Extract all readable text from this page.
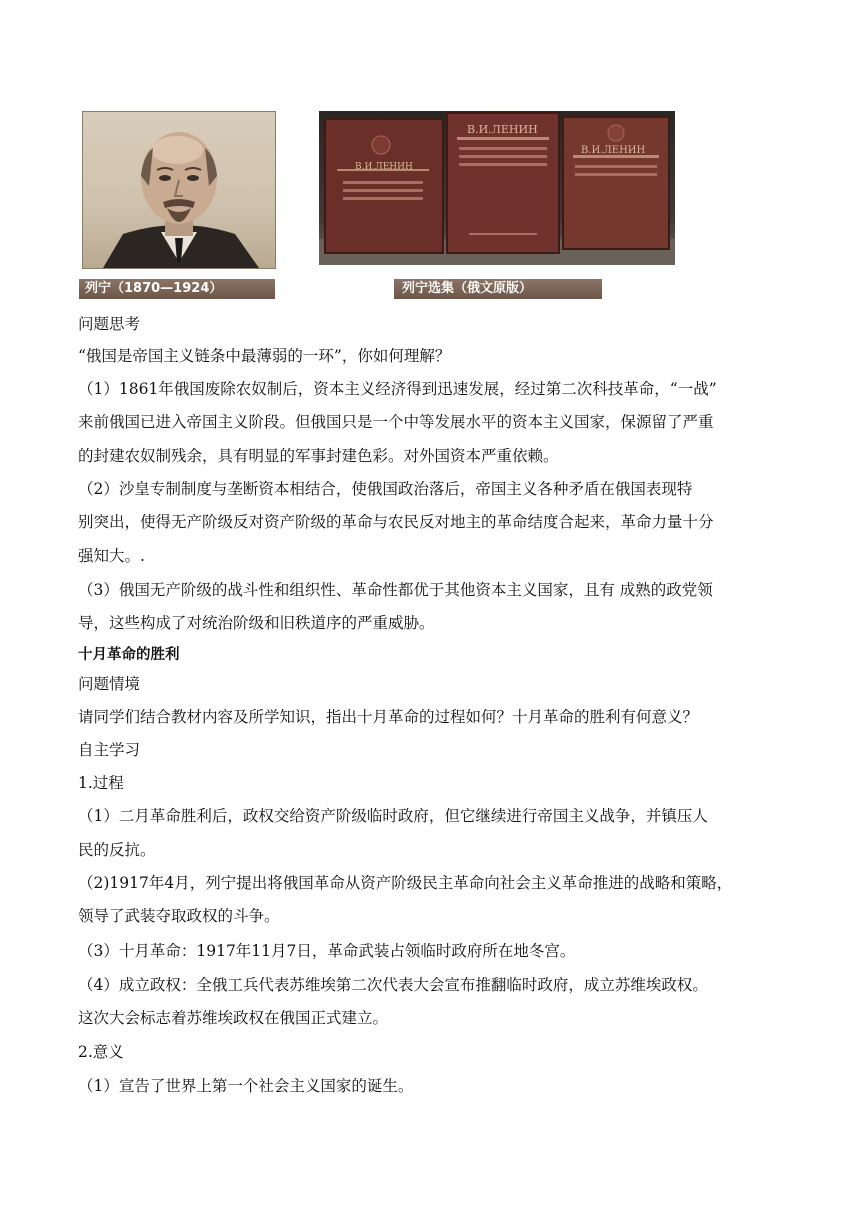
В.И.ЛЕНИН
В.И.ЛЕНИН
В.И.ЛЕНИН
列宁（1870—1924）	列宁选集（俄文原版）
问题思考
“俄国是帝国主义链条中最薄弱的一环”，你如何理解？
（1）1861年俄国废除农奴制后，资本主义经济得到迅速发展，经过第二次科技革命，“一战”
来前俄国已进入帝国主义阶段。但俄国只是一个中等发展水平的资本主义国家，保源留了严重
的封建农奴制残余，具有明显的军事封建色彩。对外国资本严重依赖。
（2）沙皇专制制度与垄断资本相结合，使俄国政治落后，帝国主义各种矛盾在俄国表现特
别突出，使得无产阶级反对资产阶级的革命与农民反对地主的革命结度合起来，革命力量十分
强知大。.
（3）俄国无产阶级的战斗性和组织性、革命性都优于其他资本主义国家，且有 成熟的政党领
导，这些构成了对统治阶级和旧秩道序的严重威胁。
十月革命的胜利
问题情境
请同学们结合教材内容及所学知识，指出十月革命的过程如何？十月革命的胜利有何意义？
自主学习
1.过程
（1）二月革命胜利后，政权交给资产阶级临时政府，但它继续进行帝国主义战争，并镇压人
民的反抗。
（2)1917年4月，列宁提出将俄国革命从资产阶级民主革命向社会主义革命推进的战略和策略，
领导了武装夺取政权的斗争。
（3）十月革命：1917年11月7日，革命武装占领临时政府所在地冬宫。
（4）成立政权：全俄工兵代表苏维埃第二次代表大会宣布推翻临时政府，成立苏维埃政权。
这次大会标志着苏维埃政权在俄国正式建立。
2.意义
（1）宣告了世界上第一个社会主义国家的诞生。
